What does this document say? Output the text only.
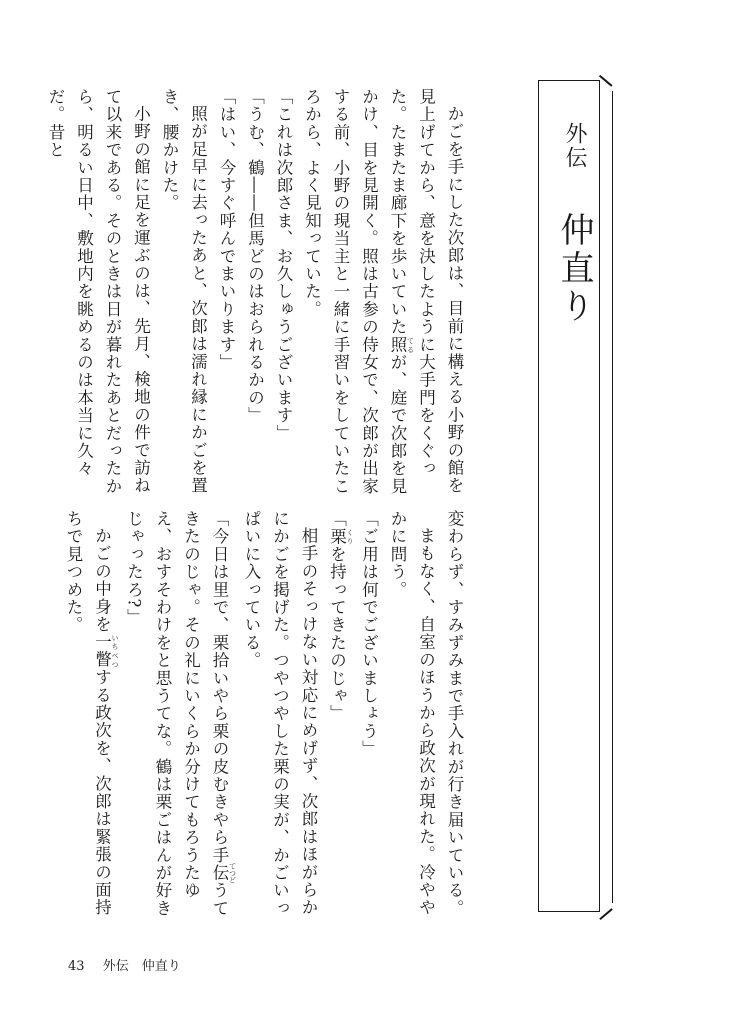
外伝
仲直り

かごを手にした次郎は、目前に構える小野の館を見上げてから、意を決したように大手門をくぐった。たまたま廊下を歩いていた照 てるが、庭で次郎を見かけ、目を見開く。照は古参の侍女で、次郎が出家する前、小野の現当主と一緒に手習いをしていたころから、よく見知っていた。

「これは次郎さま、お久しゅうございます」

「うむ、鶴――但馬どのはおられるかの」

「はい、今すぐ呼んでまいります」

照が足早に去ったあと、次郎は濡れ縁にかごを置き、腰かけた。

小野の館に足を運ぶのは、先月、検地の件で訪ねて以来である。そのときは日が暮れたあとだったから、明るい日中、敷地内を眺めるのは本当に久々だ。昔と

変わらず、すみずみまで手入れが行き届いている。

まもなく、自室のほうから政次が現れた。冷ややかに問う。

「ご用は何でございましょう」

「栗 くりを持ってきたのじゃ」

相手のそっけない対応にめげず、次郎はほがらかにかごを掲げた。つやつやした栗の実が、かごいっぱいに入っている。

「今日は里で、栗拾いやら栗の皮むきやら手伝 てつどうてきたのじゃ。その礼にいくらか分けてもろうたゆえ、おすそわけをと思うてな。鶴は栗ごはんが好きじゃったろ?」

かごの中身を一瞥 いちべつする政次を、次郎は緊張の面持ちで見つめた。

43 外伝　仲直り
